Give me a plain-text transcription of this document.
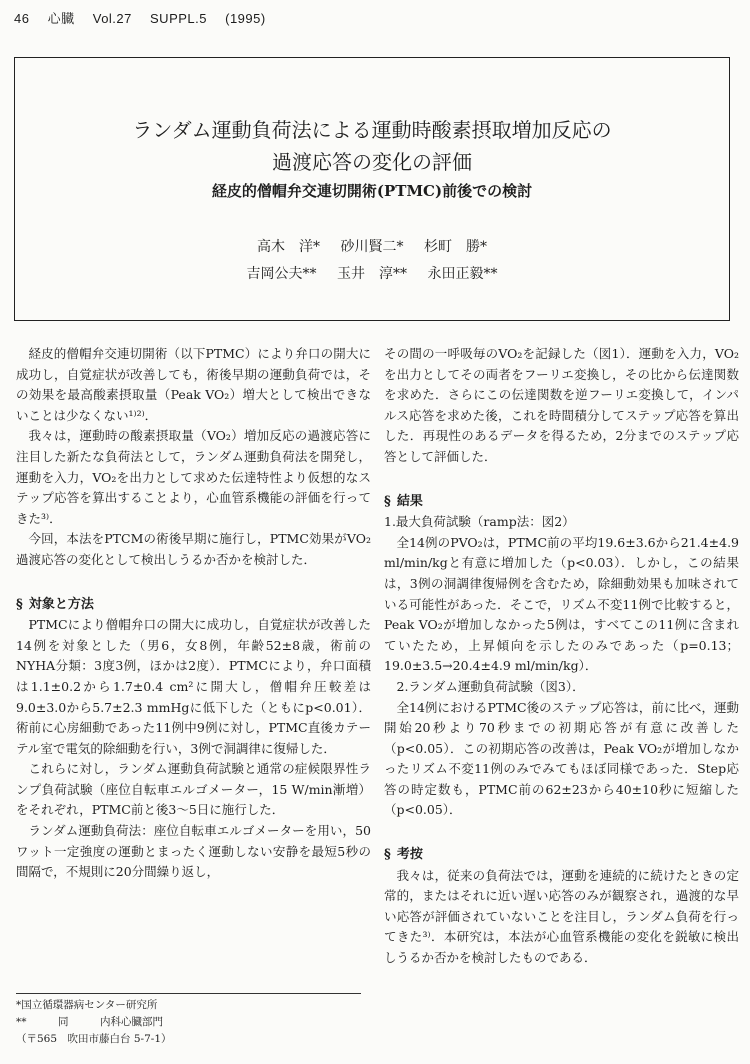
46 心臓 Vol.27 SUPPL.5 (1995)
ランダム運動負荷法による運動時酸素摂取増加反応の
過渡応答の変化の評価
経皮的僧帽弁交連切開術(PTMC)前後での検討
高木　洋* 砂川賢二* 杉町　勝*
吉岡公夫** 玉井　淳** 永田正毅**

経皮的僧帽弁交連切開術（以下PTMC）により弁口の開大に成功し，自覚症状が改善しても，術後早期の運動負荷では，その効果を最高酸素摂取量（Peak VO₂）増大として検出できないことは少なくない¹⁾²⁾．

我々は，運動時の酸素摂取量（VO₂）増加反応の過渡応答に注目した新たな負荷法として，ランダム運動負荷法を開発し，運動を入力，VO₂を出力として求めた伝達特性より仮想的なステップ応答を算出することより，心血管系機能の評価を行ってきた³⁾．

今回，本法をPTCMの術後早期に施行し，PTMC効果がVO₂過渡応答の変化として検出しうるか否かを検討した．

§ 対象と方法

PTMCにより僧帽弁口の開大に成功し，自覚症状が改善した14例を対象とした（男6，女8例，年齢52±8歳，術前のNYHA分類：3度3例，ほかは2度）．PTMCにより，弁口面積は1.1±0.2から1.7±0.4 cm²に開大し，僧帽弁圧較差は9.0±3.0から5.7±2.3 mmHgに低下した（ともにp<0.01）．術前に心房細動であった11例中9例に対し，PTMC直後カテーテル室で電気的除細動を行い，3例で洞調律に復帰した．

これらに対し，ランダム運動負荷試験と通常の症候限界性ランプ負荷試験（座位自転車エルゴメーター，15 W/min漸増）をそれぞれ，PTMC前と後3～5日に施行した．

ランダム運動負荷法：座位自転車エルゴメーターを用い，50ワット一定強度の運動とまったく運動しない安静を最短5秒の間隔で，不規則に20分間繰り返し，

その間の一呼吸毎のVO₂を記録した（図1）．運動を入力，VO₂を出力としてその両者をフーリエ変換し，その比から伝達関数を求めた．さらにこの伝達関数を逆フーリエ変換して，インパルス応答を求めた後，これを時間積分してステップ応答を算出した．再現性のあるデータを得るため，2分までのステップ応答として評価した．

§ 結果

1.最大負荷試験（ramp法：図2）

全14例のPVO₂は，PTMC前の平均19.6±3.6から21.4±4.9 ml/min/kgと有意に増加した（p<0.03）．しかし，この結果は，3例の洞調律復帰例を含むため，除細動効果も加味されている可能性があった．そこで，リズム不変11例で比較すると，Peak VO₂が増加しなかった5例は，すべてこの11例に含まれていたため，上昇傾向を示したのみであった（p=0.13；19.0±3.5→20.4±4.9 ml/min/kg）．

2.ランダム運動負荷試験（図3）．

全14例におけるPTMC後のステップ応答は，前に比べ，運動開始20秒より70秒までの初期応答が有意に改善した（p<0.05）．この初期応答の改善は，Peak VO₂が増加しなかったリズム不変11例のみでみてもほぼ同様であった．Step応答の時定数も，PTMC前の62±23から40±10秒に短縮した（p<0.05）．

§ 考按

我々は，従来の負荷法では，運動を連続的に続けたときの定常的，またはそれに近い遅い応答のみが観察され，過渡的な早い応答が評価されていないことを注目し，ランダム負荷を行ってきた³⁾．本研究は，本法が心血管系機能の変化を鋭敏に検出しうるか否かを検討したものである．

*国立循環器病センター研究所
**　　　同　　　内科心臓部門
（〒565　吹田市藤白台 5-7-1）
